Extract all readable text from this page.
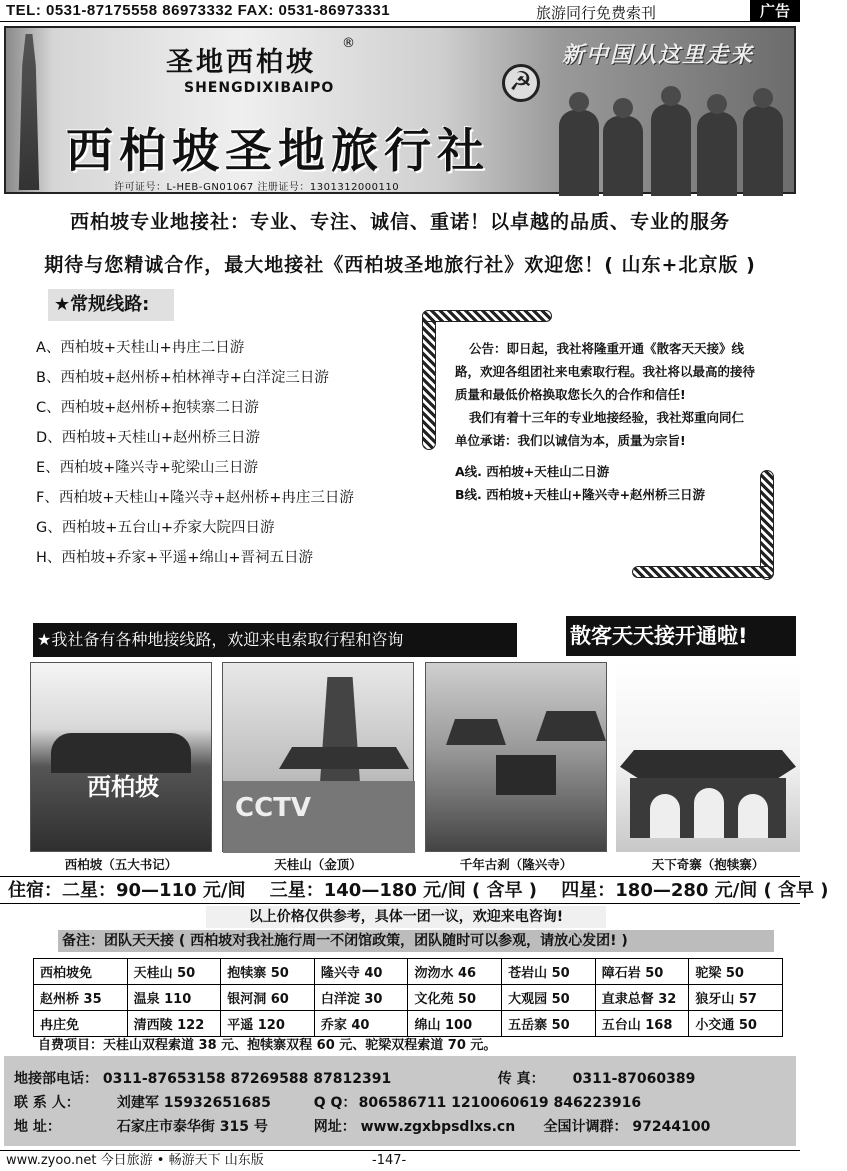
TEL: 0531-87175558 86973332 FAX: 0531-86973331	旅游同行免费索刊	广告
圣地西柏坡
®
SHENGDIXIBAIPO
西柏坡圣地旅行社
许可证号：L-HEB-GN01067 注册证号：1301312000110
新中国从这里走来
☭
西柏坡专业地接社：专业、专注、诚信、重诺！以卓越的品质、专业的服务
期待与您精诚合作，最大地接社《西柏坡圣地旅行社》欢迎您！( 山东+北京版 )
★常规线路:
A、西柏坡+天桂山+冉庄二日游
B、西柏坡+赵州桥+柏林禅寺+白洋淀三日游
C、西柏坡+赵州桥+抱犊寨二日游
D、西柏坡+天桂山+赵州桥三日游
E、西柏坡+隆兴寺+驼梁山三日游
F、西柏坡+天桂山+隆兴寺+赵州桥+冉庄三日游
G、西柏坡+五台山+乔家大院四日游
H、西柏坡+乔家+平遥+绵山+晋祠五日游

公告：即日起，我社将隆重开通《散客天天接》线路，欢迎各组团社来电索取行程。我社将以最高的接待质量和最低价格换取您长久的合作和信任!

我们有着十三年的专业地接经验，我社郑重向同仁单位承诺：我们以诚信为本，质量为宗旨!

A线. 西柏坡+天桂山二日游

B线. 西柏坡+天桂山+隆兴寺+赵州桥三日游

★我社备有各种地接线路，欢迎来电索取行程和咨询	散客天天接开通啦!
西柏坡
CCTV
西柏坡（五大书记）	天桂山（金顶）	千年古刹（隆兴寺）	天下奇寨（抱犊寨）
住宿：二星：90—110 元/间 三星：140—180 元/间 ( 含早 ) 四星：180—280 元/间 ( 含早 )
以上价格仅供参考，具体一团一议，欢迎来电咨询!
备注：团队天天接 ( 西柏坡对我社施行周一不闭馆政策，团队随时可以参观，请放心发团! )
西柏坡免	天桂山 50	抱犊寨 50	隆兴寺 40	沕沕水 46	苍岩山 50	障石岩 50	驼梁 50
赵州桥 35	温泉 110	银河洞 60	白洋淀 30	文化苑 50	大观园 50	直隶总督 32	狼牙山 57
冉庄免	清西陵 122	平遥 120	乔家 40	绵山 100	五岳寨 50	五台山 168	小交通 50
自费项目：天桂山双程索道 38 元、抱犊寨双程 60 元、驼梁双程索道 70 元。
地接部电话： 0311-87653158 87269588 87812391	传 真： 0311-87060389
联 系 人：	刘建军 15932651685	Q Q： 806586711 1210060619 846223916
地 址：	石家庄市泰华街 315 号	网址： www.zgxbpsdlxs.cn 全国计调群： 97244100
www.zyoo.net 今日旅游 • 畅游天下 山东版	-147-
